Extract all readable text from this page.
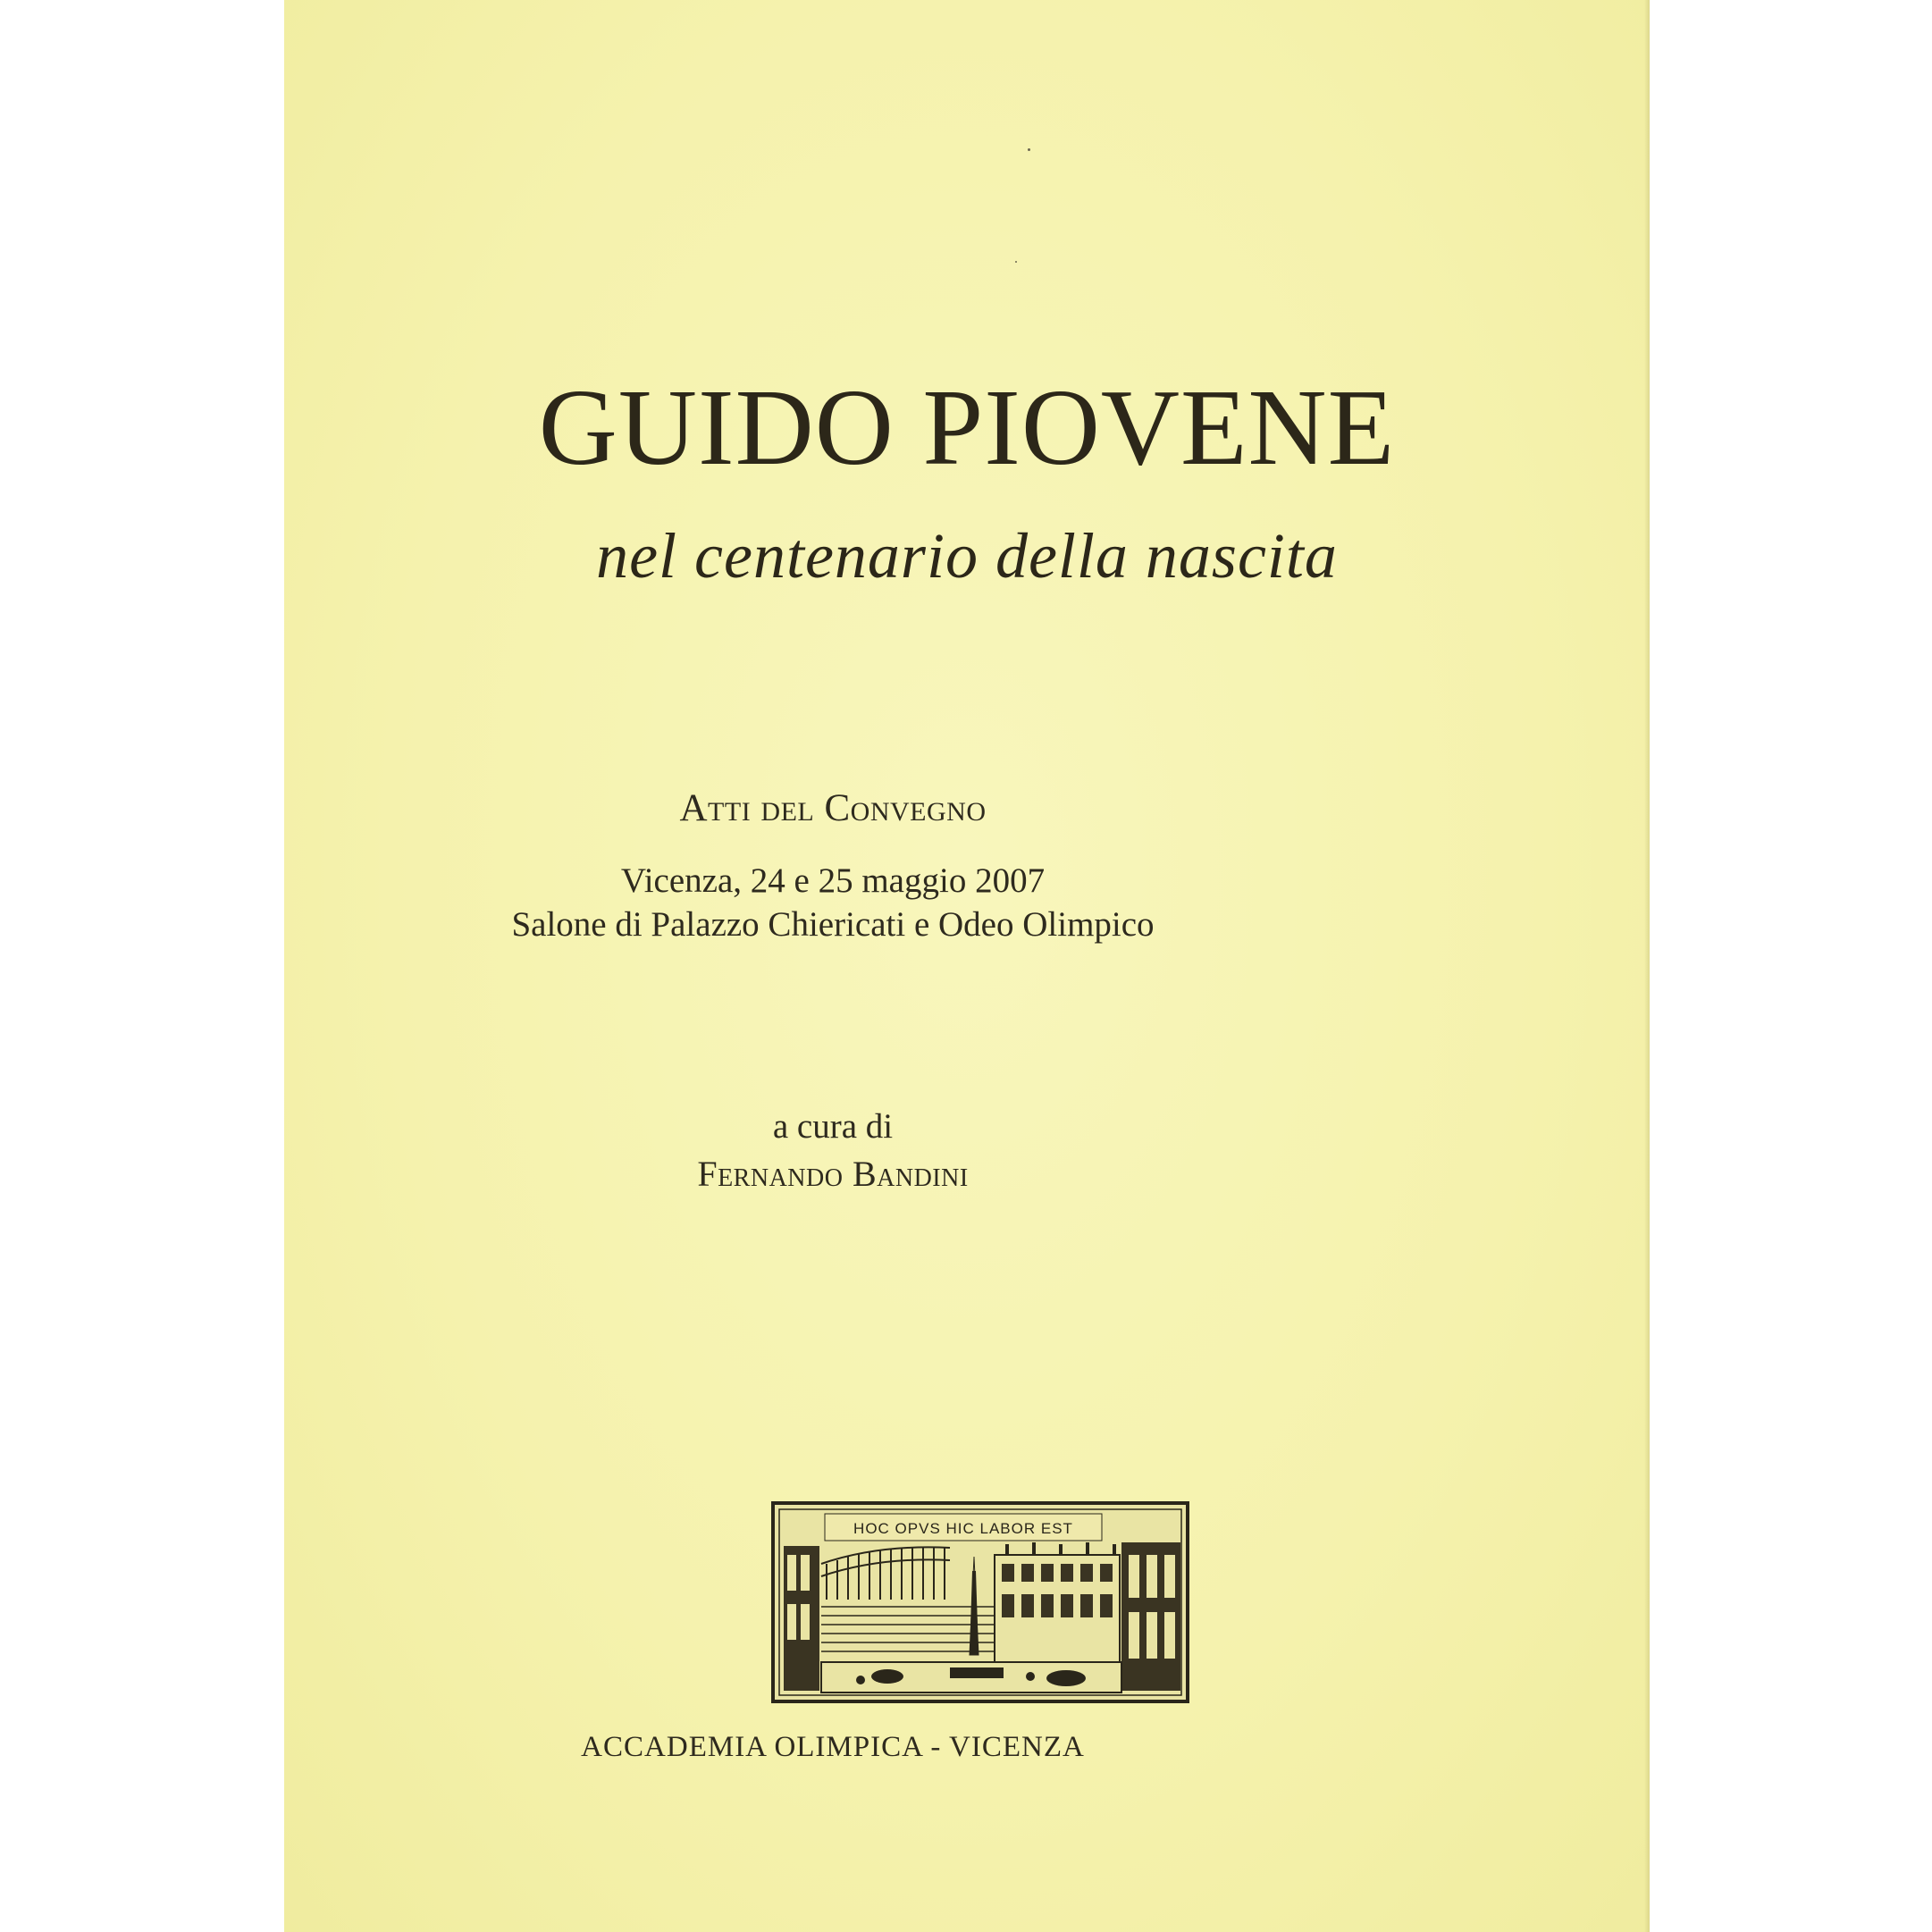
GUIDO PIOVENE
nel centenario della nascita
Atti del Convegno
Vicenza, 24 e 25 maggio 2007
Salone di Palazzo Chiericati e Odeo Olimpico
a cura di
Fernando Bandini
HOC OPVS HIC LABOR EST
ACCADEMIA OLIMPICA - VICENZA
